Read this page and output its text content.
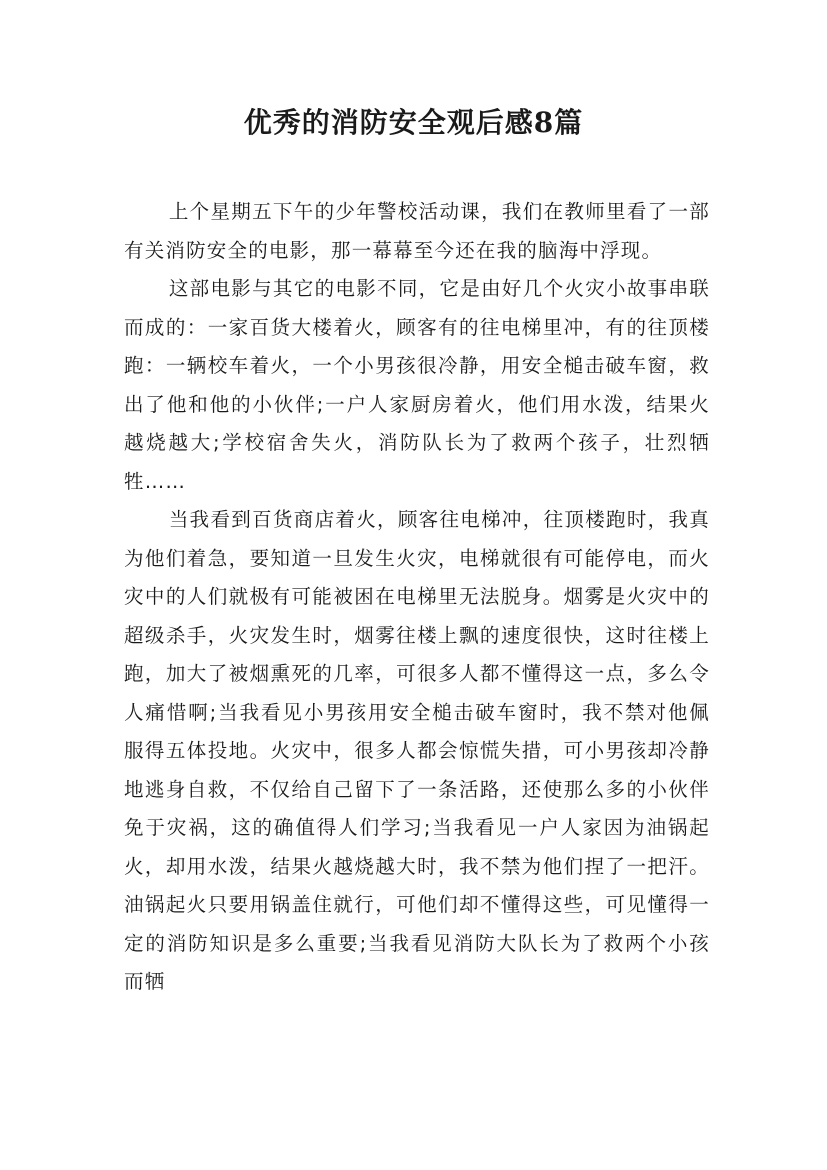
优秀的消防安全观后感8篇

上个星期五下午的少年警校活动课，我们在教师里看了一部有关消防安全的电影，那一幕幕至今还在我的脑海中浮现。

这部电影与其它的电影不同，它是由好几个火灾小故事串联而成的：一家百货大楼着火，顾客有的往电梯里冲，有的往顶楼跑：一辆校车着火，一个小男孩很冷静，用安全槌击破车窗，救出了他和他的小伙伴;一户人家厨房着火，他们用水泼，结果火越烧越大;学校宿舍失火，消防队长为了救两个孩子，壮烈牺牲……

当我看到百货商店着火，顾客往电梯冲，往顶楼跑时，我真为他们着急，要知道一旦发生火灾，电梯就很有可能停电，而火灾中的人们就极有可能被困在电梯里无法脱身。烟雾是火灾中的超级杀手，火灾发生时，烟雾往楼上飘的速度很快，这时往楼上跑，加大了被烟熏死的几率，可很多人都不懂得这一点，多么令人痛惜啊;当我看见小男孩用安全槌击破车窗时，我不禁对他佩服得五体投地。火灾中，很多人都会惊慌失措，可小男孩却冷静地逃身自救，不仅给自己留下了一条活路，还使那么多的小伙伴免于灾祸，这的确值得人们学习;当我看见一户人家因为油锅起火，却用水泼，结果火越烧越大时，我不禁为他们捏了一把汗。油锅起火只要用锅盖住就行，可他们却不懂得这些，可见懂得一定的消防知识是多么重要;当我看见消防大队长为了救两个小孩而牺
